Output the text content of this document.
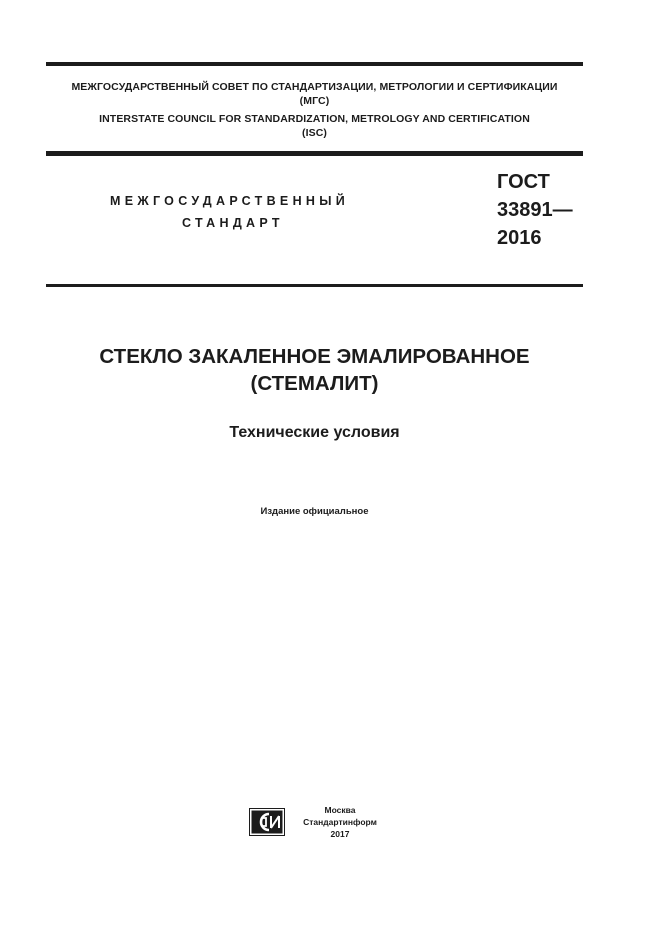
МЕЖГОСУДАРСТВЕННЫЙ СОВЕТ ПО СТАНДАРТИЗАЦИИ, МЕТРОЛОГИИ И СЕРТИФИКАЦИИ
(МГС)
INTERSTATE COUNCIL FOR STANDARDIZATION, METROLOGY AND CERTIFICATION
(ISC)
МЕЖГОСУДАРСТВЕННЫЙ
СТАНДАРТ
ГОСТ
33891—
2016
СТЕКЛО ЗАКАЛЕННОЕ ЭМАЛИРОВАННОЕ
(СТЕМАЛИТ)
Технические условия
Издание официальное
Москва
Стандартинформ
2017
